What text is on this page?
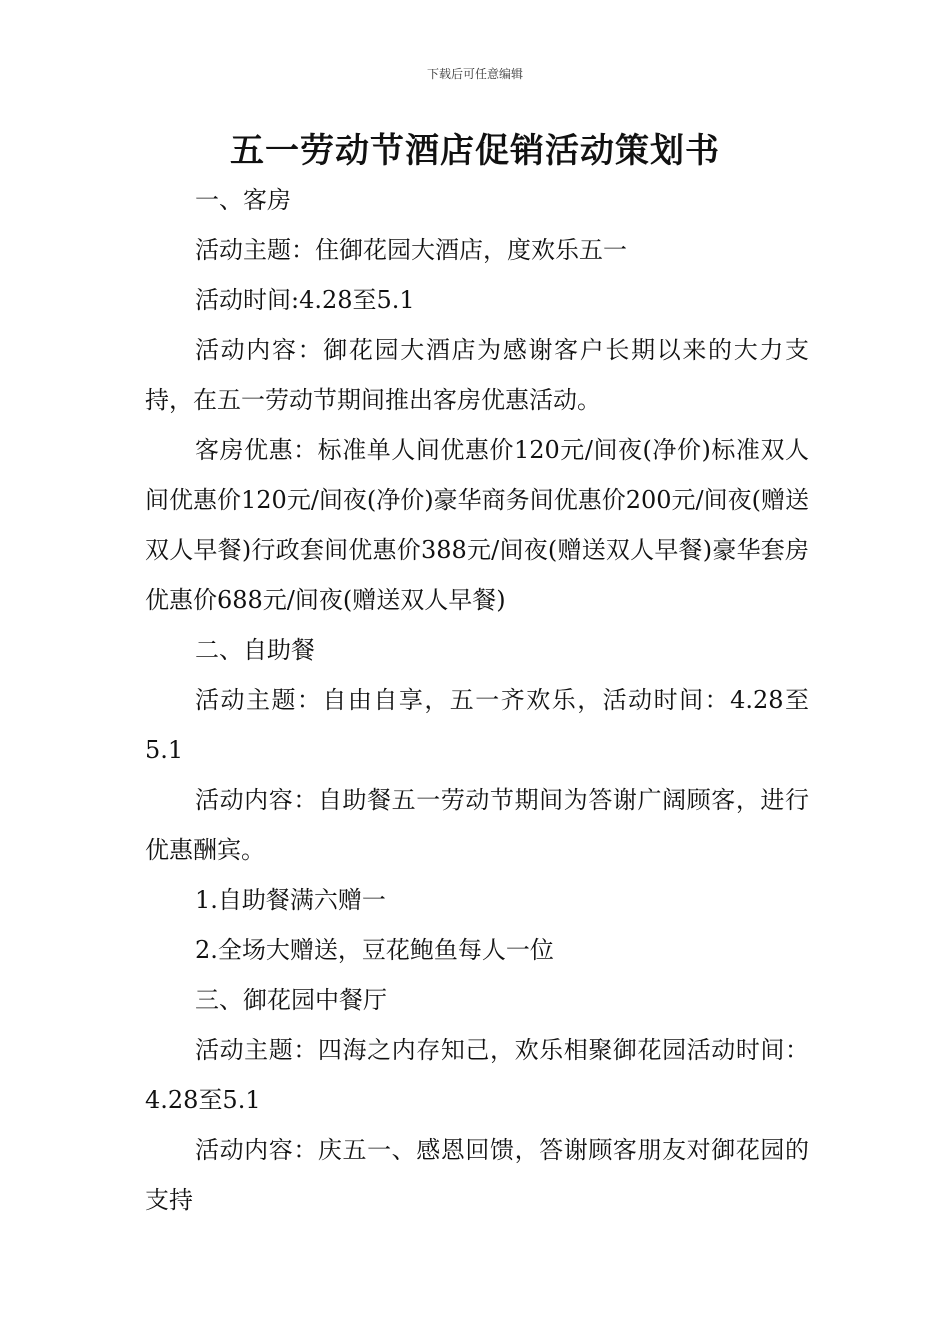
下载后可任意编辑
五一劳动节酒店促销活动策划书

一、客房

活动主题：住御花园大酒店，度欢乐五一

活动时间:4.28至5.1

活动内容：御花园大酒店为感谢客户长期以来的大力支持，在五一劳动节期间推出客房优惠活动。

客房优惠：标准单人间优惠价120元/间夜(净价)标准双人间优惠价120元/间夜(净价)豪华商务间优惠价200元/间夜(赠送双人早餐)行政套间优惠价388元/间夜(赠送双人早餐)豪华套房优惠价688元/间夜(赠送双人早餐)

二、自助餐

活动主题：自由自享，五一齐欢乐，活动时间：4.28至5.1

活动内容：自助餐五一劳动节期间为答谢广阔顾客，进行优惠酬宾。

1.自助餐满六赠一

2.全场大赠送，豆花鲍鱼每人一位

三、御花园中餐厅

活动主题：四海之内存知己，欢乐相聚御花园活动时间：4.28至5.1

活动内容：庆五一、感恩回馈，答谢顾客朋友对御花园的支持
